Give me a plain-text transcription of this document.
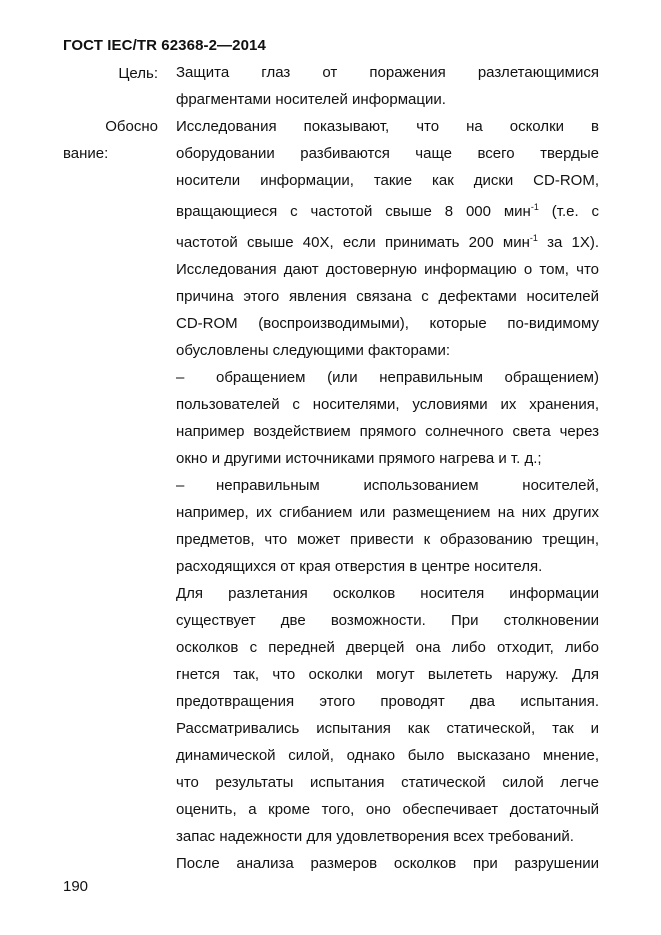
ГОСТ IEC/TR 62368-2—2014
Цель: Защита глаз от поражения разлетающимися

фрагментами носителей информации.

Обосно
вание:

Исследования показывают, что на осколки в

оборудовании разбиваются чаще всего твердые

носители информации, такие как диски CD-ROM,

вращающиеся с частотой свыше 8 000 мин$^{-1}$ (т.е. с

частотой свыше 40X, если принимать 200 мин$^{-1}$ за 1X).

Исследования дают достоверную информацию о том, что

причина этого явления связана с дефектами носителей

CD-ROM (воспроизводимыми), которые по-видимому

обусловлены следующими факторами:

– обращением (или неправильным обращением)

пользователей с носителями, условиями их хранения,

например воздействием прямого солнечного света через

окно и другими источниками прямого нагрева и т. д.;

– неправильным использованием носителей,

например, их сгибанием или размещением на них других

предметов, что может привести к образованию трещин,

расходящихся от края отверстия в центре носителя.

Для разлетания осколков носителя информации

существует две возможности. При столкновении

осколков с передней дверцей она либо отходит, либо

гнется так, что осколки могут вылететь наружу. Для

предотвращения этого проводят два испытания.

Рассматривались испытания как статической, так и

динамической силой, однако было высказано мнение,

что результаты испытания статической силой легче

оценить, а кроме того, оно обеспечивает достаточный

запас надежности для удовлетворения всех требований.

После анализа размеров осколков при разрушении

190
